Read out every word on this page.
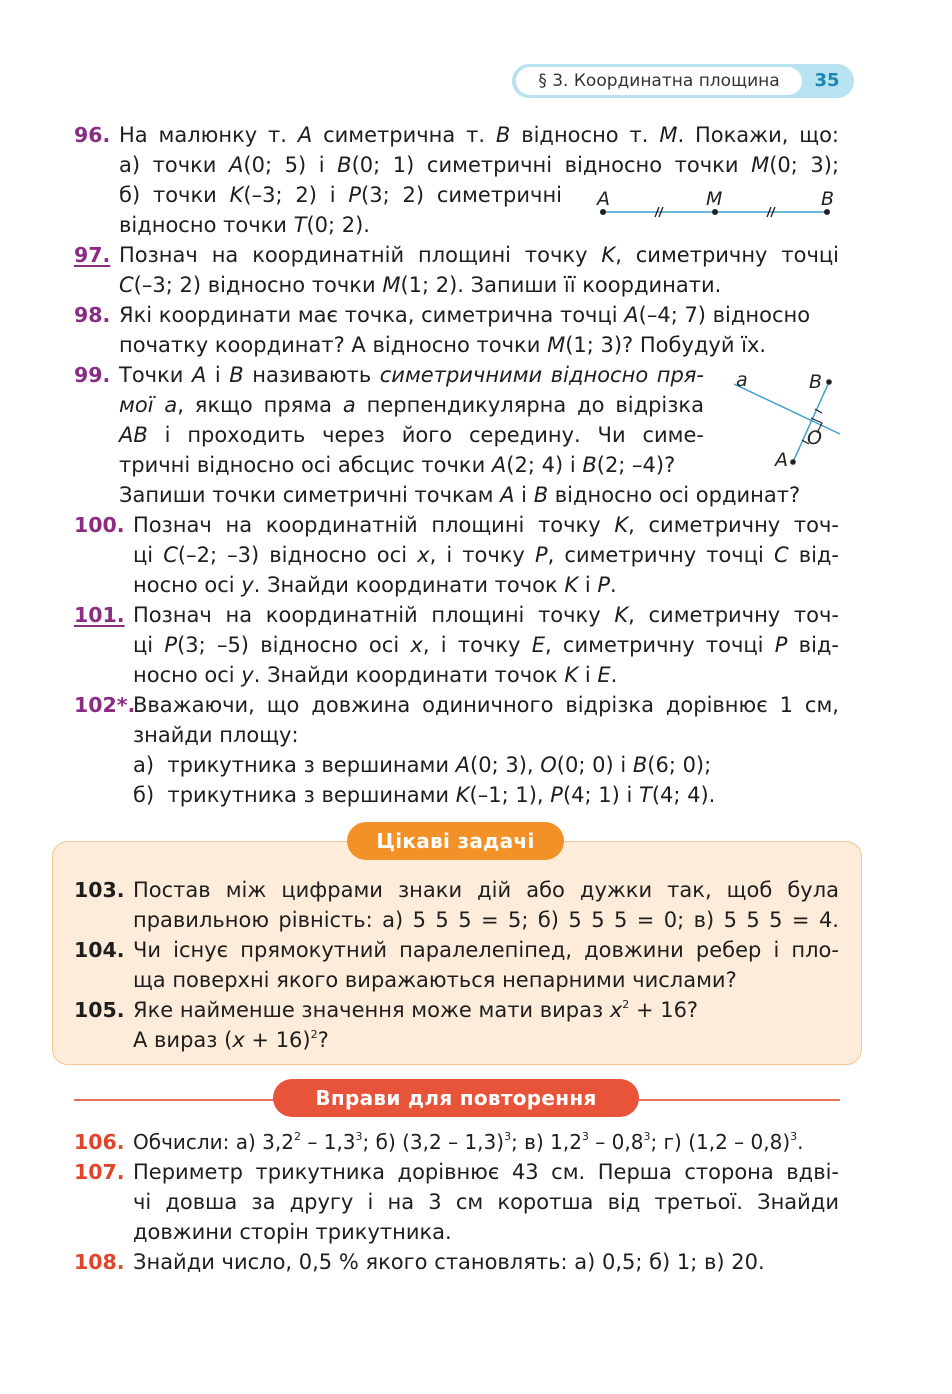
§ 3. Координатна площина	35
96. На малюнку т. A симетрична т. B відносно т. M. Покажи, що:
а) точки A(0; 5) і B(0; 1) симетричні відносно точки M(0; 3);
б) точки K(–3; 2) і P(3; 2) симетричні
відносно точки T(0; 2).
A	M	B
97. Познач на координатній площині точку K, симетричну точці
C(–3; 2) відносно точки M(1; 2). Запиши її координати.
98. Які координати має точка, симетрична точці A(–4; 7) відносно
початку координат? А відносно точки M(1; 3)? Побудуй їх.
99. Точки A і B називають симетричними відносно пря-
мої a, якщо пряма a перпендикулярна до відрізка
AB і проходить через його середину. Чи симе-
тричні відносно осі абсцис точки A(2; 4) і B(2; –4)?
Запиши точки симетричні точкам A і B відносно осі ординат?
a	B
O
A
100. Познач на координатній площині точку K, симетричну точ-
ці C(–2; –3) відносно осі x, і точку P, симетричну точці C від-
носно осі y. Знайди координати точок K і P.
101. Познач на координатній площині точку K, симетричну точ-
ці P(3; –5) відносно осі x, і точку E, симетричну точці P від-
носно осі y. Знайди координати точок K і E.
102*.
Вважаючи, що довжина одиничного відрізка дорівнює 1 см,
знайди площу:
а)  трикутника з вершинами A(0; 3), O(0; 0) і B(6; 0);
б)  трикутника з вершинами K(–1; 1), P(4; 1) і T(4; 4).
Цікаві задачі
103. Постав між цифрами знаки дій або дужки так, щоб була
правильною рівність: а) 5 5 5 = 5; б) 5 5 5 = 0; в) 5 5 5 = 4.
104. Чи існує прямокутний паралелепіпед, довжини ребер і пло-
ща поверхні якого виражаються непарними числами?
105. Яке найменше значення може мати вираз $x^2 + 16$?
А вираз $(x + 16)^2$?
Вправи для повторення
106. Обчисли: а) $3,2^2 - 1,3^3$; б) (3,2 – 1,3)$^3$; в) $1,2^3 - 0,8^3$; г) (1,2 – 0,8)$^3$.
107. Периметр трикутника дорівнює 43 см. Перша сторона вдві-
чі довша за другу і на 3 см коротша від третьої. Знайди
довжини сторін трикутника.
108. Знайди число, 0,5 % якого становлять: а) 0,5; б) 1; в) 20.
